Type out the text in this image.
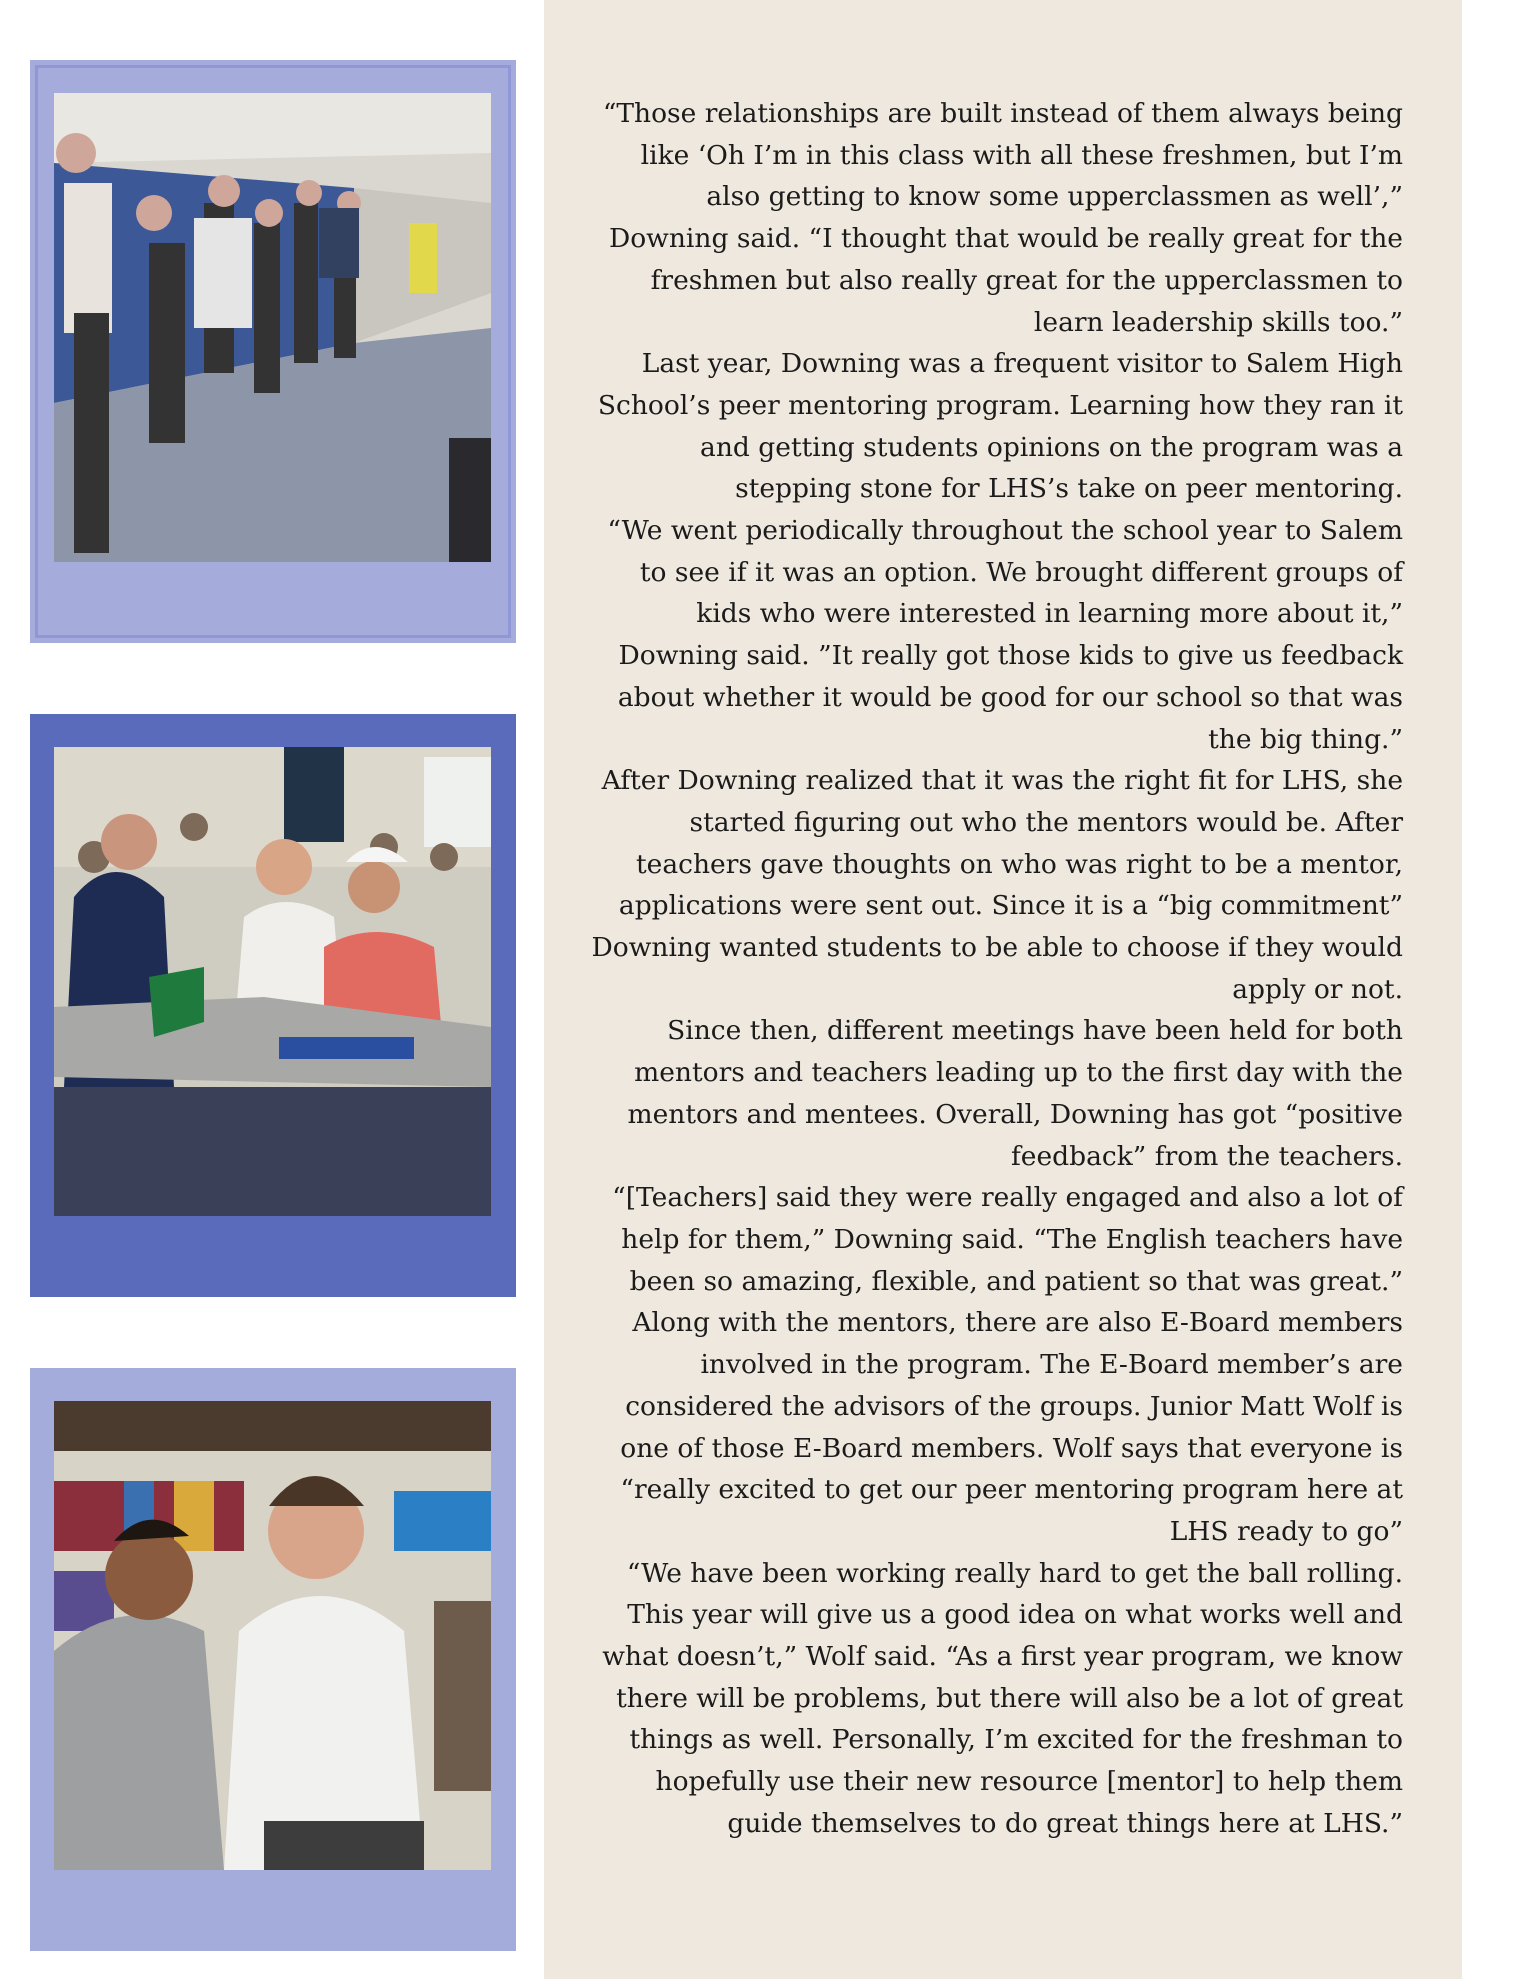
“Those relationships are built instead of them always being
like ‘Oh I’m in this class with all these freshmen, but I’m
also getting to know some upperclassmen as well’,”
Downing said. “I thought that would be really great for the
freshmen but also really great for the upperclassmen to
learn leadership skills too.”
Last year, Downing was a frequent visitor to Salem High
School’s peer mentoring program. Learning how they ran it
and getting students opinions on the program was a
stepping stone for LHS’s take on peer mentoring.
“We went periodically throughout the school year to Salem
to see if it was an option. We brought different groups of
kids who were interested in learning more about it,”
Downing said. ”It really got those kids to give us feedback
about whether it would be good for our school so that was
the big thing.”
After Downing realized that it was the right fit for LHS, she
started figuring out who the mentors would be. After
teachers gave thoughts on who was right to be a mentor,
applications were sent out. Since it is a “big commitment”
Downing wanted students to be able to choose if they would
apply or not.
Since then, different meetings have been held for both
mentors and teachers leading up to the first day with the
mentors and mentees. Overall, Downing has got “positive
feedback” from the teachers.
“[Teachers] said they were really engaged and also a lot of
help for them,” Downing said. “The English teachers have
been so amazing, flexible, and patient so that was great.”
Along with the mentors, there are also E-Board members
involved in the program. The E-Board member’s are
considered the advisors of the groups. Junior Matt Wolf is
one of those E-Board members. Wolf says that everyone is
“really excited to get our peer mentoring program here at
LHS ready to go”
“We have been working really hard to get the ball rolling.
This year will give us a good idea on what works well and
what doesn’t,” Wolf said. “As a first year program, we know
there will be problems, but there will also be a lot of great
things as well. Personally, I’m excited for the freshman to
hopefully use their new resource [mentor] to help them
guide themselves to do great things here at LHS.”
